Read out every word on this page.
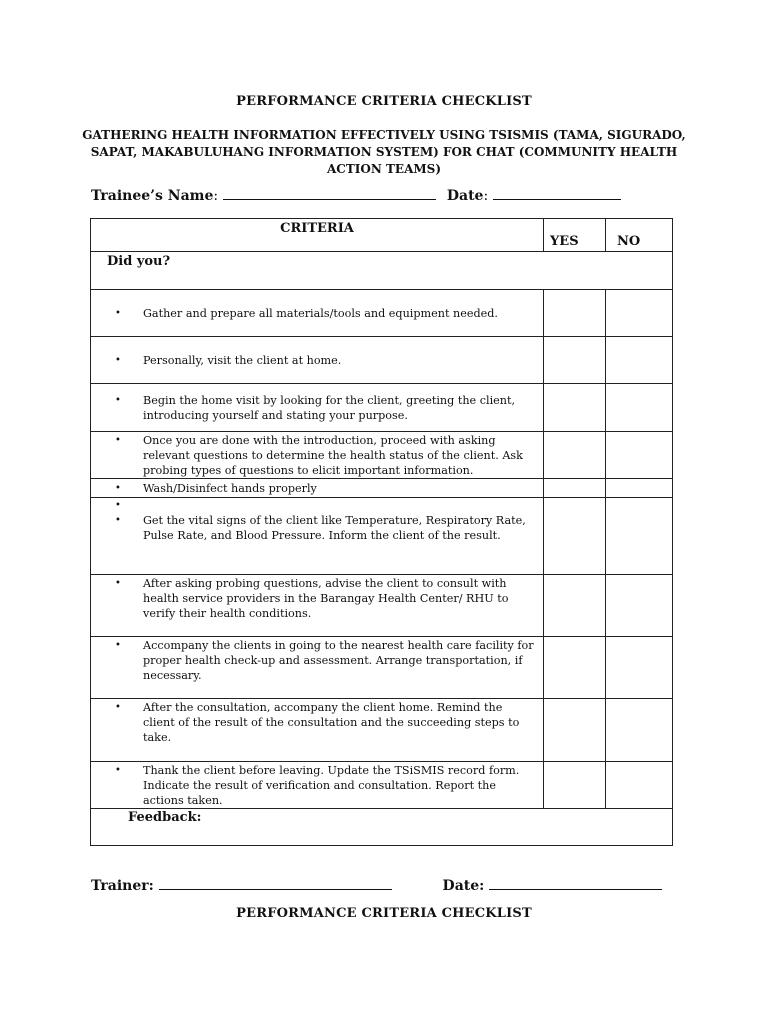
PERFORMANCE CRITERIA CHECKLIST
GATHERING HEALTH INFORMATION EFFECTIVELY USING TSISMIS (TAMA, SIGURADO, SAPAT, MAKABULUHANG INFORMATION SYSTEM) FOR CHAT (COMMUNITY HEALTH ACTION TEAMS)
Trainee’s Name:	Date:
CRITERIA	YES	NO
Did you?		

• Gather and prepare all materials/tools and equipment needed.		

• Personally, visit the client at home.		

• Begin the home visit by looking for the client, greeting the client, introducing yourself and stating your purpose.		

• Once you are done with the introduction, proceed with asking relevant questions to determine the health status of the client. Ask probing types of questions to elicit important information.		

• Wash/Disinfect hands properly		

•
• Get the vital signs of the client like Temperature, Respiratory Rate, Pulse Rate, and Blood Pressure. Inform the client of the result.		

• After asking probing questions, advise the client to consult with health service providers in the Barangay Health Center/ RHU to verify their health conditions.		

• Accompany the clients in going to the nearest health care facility for proper health check-up and assessment. Arrange transportation, if necessary.		

• After the consultation, accompany the client home. Remind the client of the result of the consultation and the succeeding steps to take.		

• Thank the client before leaving. Update the TSiSMIS record form. Indicate the result of verification and consultation. Report the actions taken.		

Feedback:		
Trainer:	Date:
PERFORMANCE CRITERIA CHECKLIST
